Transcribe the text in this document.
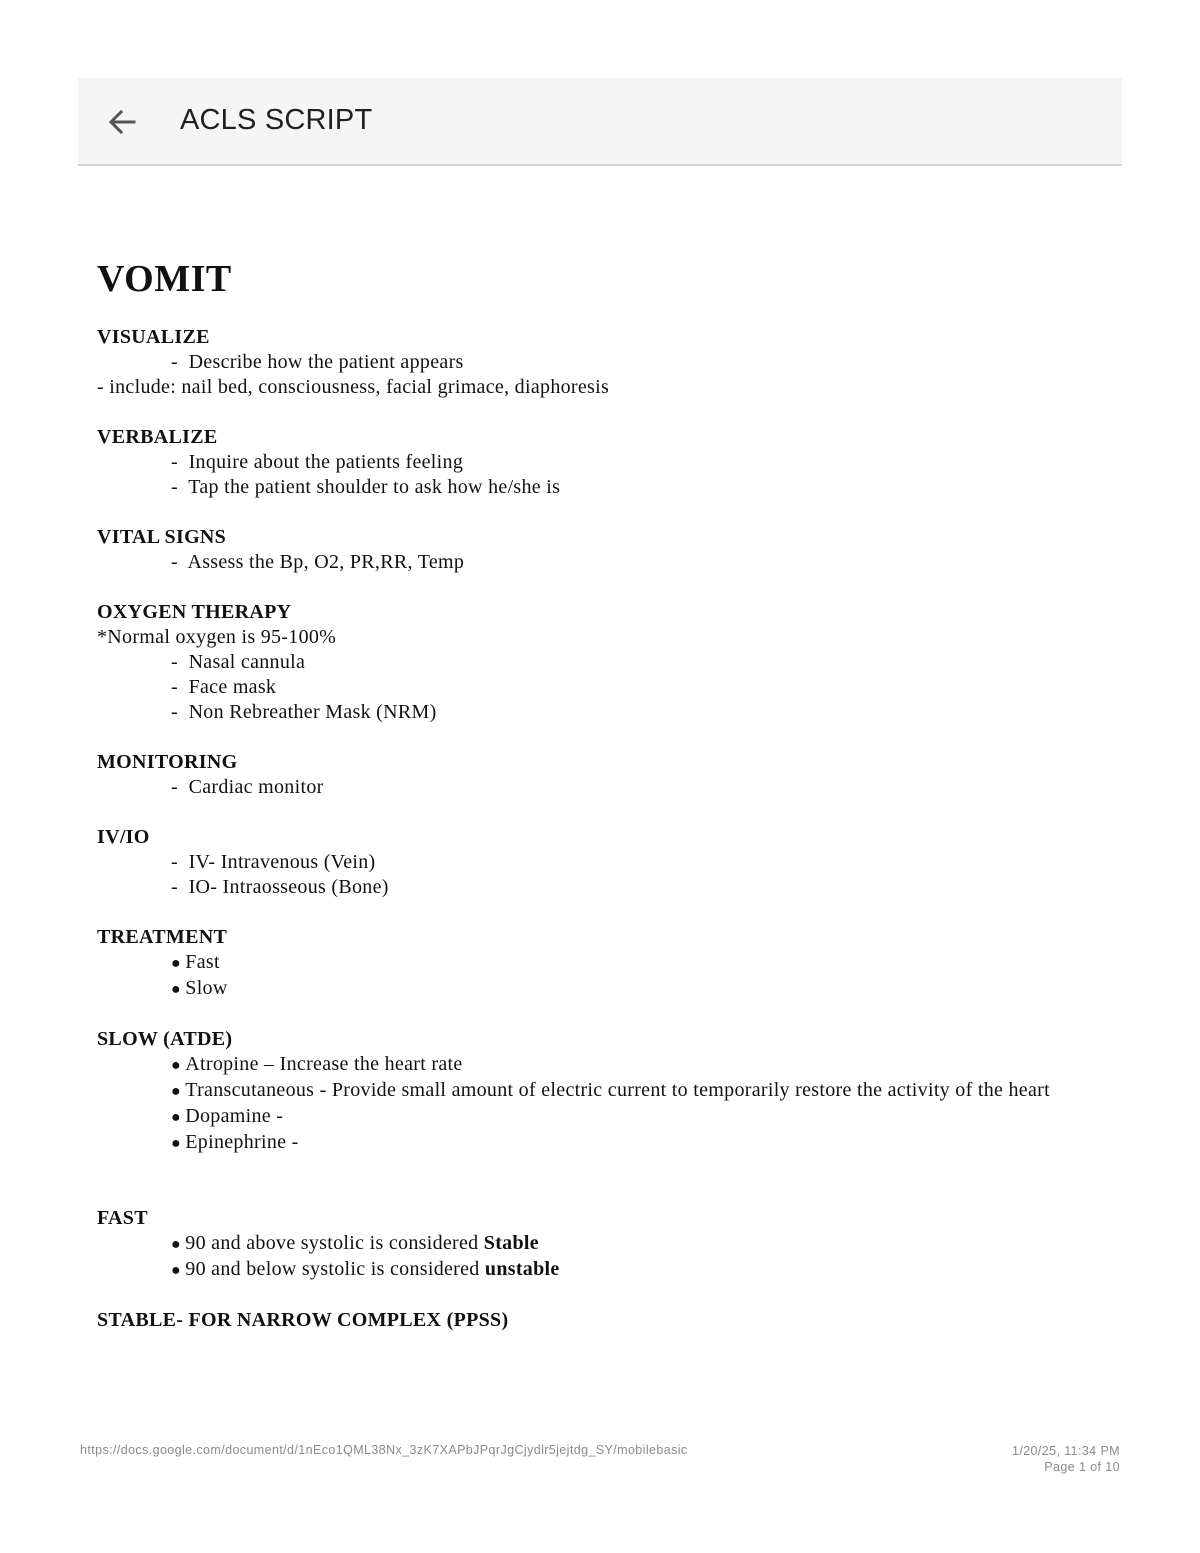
ACLS SCRIPT
VOMIT
VISUALIZE
- Describe how the patient appears
- include: nail bed, consciousness, facial grimace, diaphoresis
VERBALIZE
- Inquire about the patients feeling
- Tap the patient shoulder to ask how he/she is
VITAL SIGNS
- Assess the Bp, O2, PR,RR, Temp
OXYGEN THERAPY
*Normal oxygen is 95-100%
- Nasal cannula
- Face mask
- Non Rebreather Mask (NRM)
MONITORING
- Cardiac monitor
IV/IO
- IV- Intravenous (Vein)
- IO- Intraosseous (Bone)
TREATMENT
● Fast
● Slow
SLOW (ATDE)
● Atropine – Increase the heart rate
● Transcutaneous - Provide small amount of electric current to temporarily restore the activity of the heart
● Dopamine -
● Epinephrine -
FAST
● 90 and above systolic is considered Stable
● 90 and below systolic is considered unstable
STABLE- FOR NARROW COMPLEX (PPSS)
https://docs.google.com/document/d/1nEco1QML38Nx_3zK7XAPbJPqrJgCjydlr5jejtdg_SY/mobilebasic	1/20/25, 11:34 PM
Page 1 of 10
